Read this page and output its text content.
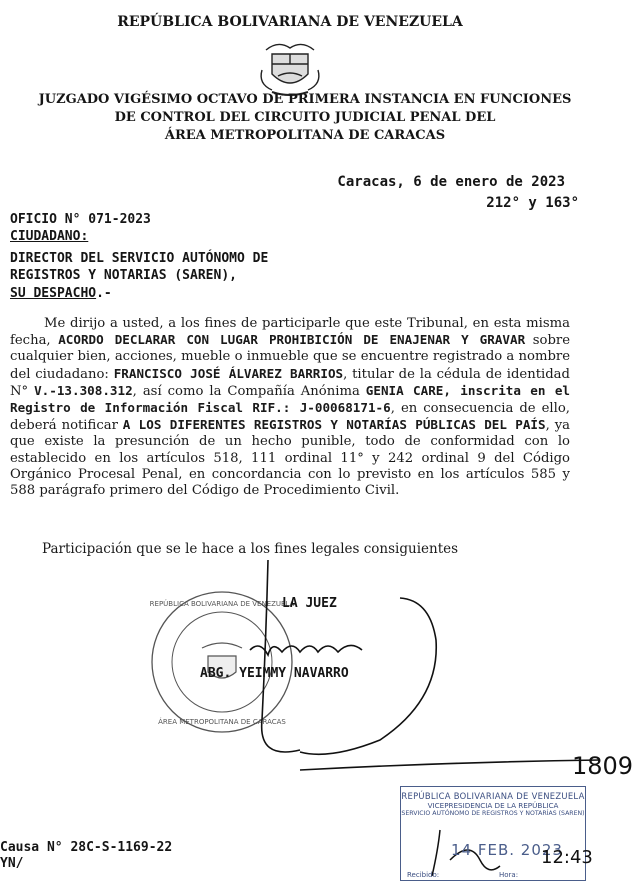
REPÚBLICA BOLIVARIANA DE VENEZUELA
ÁREA METROPOLITANA DE CARACAS
REPÚBLICA BOLIVARIANA DE VENEZUELA
JUZGADO VIGÉSIMO OCTAVO DE PRIMERA INSTANCIA EN FUNCIONES
DE CONTROL DEL CIRCUITO JUDICIAL PENAL DEL
ÁREA METROPOLITANA DE CARACAS
Caracas, 6 de enero de 2023
212° y 163°
OFICIO N° 071-2023
CIUDADANO:
DIRECTOR DEL SERVICIO AUTÓNOMO DE
REGISTROS Y NOTARIAS (SAREN),
SU DESPACHO.-
Me dirijo a usted, a los fines de participarle que este Tribunal, en esta misma fecha, ACORDO DECLARAR CON LUGAR PROHIBICIÓN DE ENAJENAR Y GRAVAR sobre cualquier bien, acciones, mueble o inmueble que se encuentre registrado a nombre del ciudadano: FRANCISCO JOSÉ ÁLVAREZ BARRIOS, titular de la cédula de identidad N° V.-13.308.312, así como la Compañía Anónima GENIA CARE, inscrita en el Registro de Información Fiscal RIF.: J-00068171-6, en consecuencia de ello, deberá notificar A LOS DIFERENTES REGISTROS Y NOTARÍAS PÚBLICAS DEL PAÍS, ya que existe la presunción de un hecho punible, todo de conformidad con lo establecido en los artículos 518, 111 ordinal 11° y 242 ordinal 9 del Código Orgánico Procesal Penal, en concordancia con lo previsto en los artículos 585 y 588 parágrafo primero del Código de Procedimiento Civil.
Participación que se le hace a los fines legales consiguientes
LA JUEZ
ABG. YEIMMY NAVARRO
1809
Causa N° 28C-S-1169-22
YN/
REPÚBLICA BOLIVARIANA DE VENEZUELA
VICEPRESIDENCIA DE LA REPÚBLICA
SERVICIO AUTÓNOMO DE REGISTROS Y NOTARÍAS (SAREN)
14 FEB. 2023
Recibido:	Hora:
12:43
